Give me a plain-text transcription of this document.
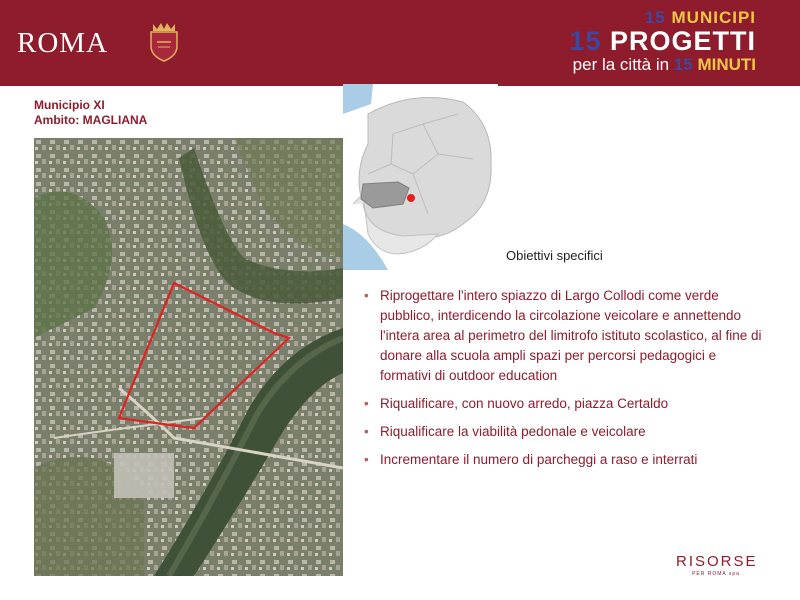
ROMA
15 MUNICIPI
15 PROGETTI
per la città in 15 MINUTI
Municipio XI
Ambito: MAGLIANA
Obiettivi specifici
• Riprogettare l'intero spiazzo di Largo Collodi come verde pubblico, interdicendo la circolazione veicolare e annettendo l'intera area al perimetro del limitrofo istituto scolastico, al fine di donare alla scuola ampli spazi per percorsi pedagogici e formativi di outdoor education
• Riqualificare, con nuovo arredo, piazza Certaldo
• Riqualificare la viabilità pedonale e veicolare
• Incrementare il numero di parcheggi a raso e interrati
RISORSE
PER ROMA spa
